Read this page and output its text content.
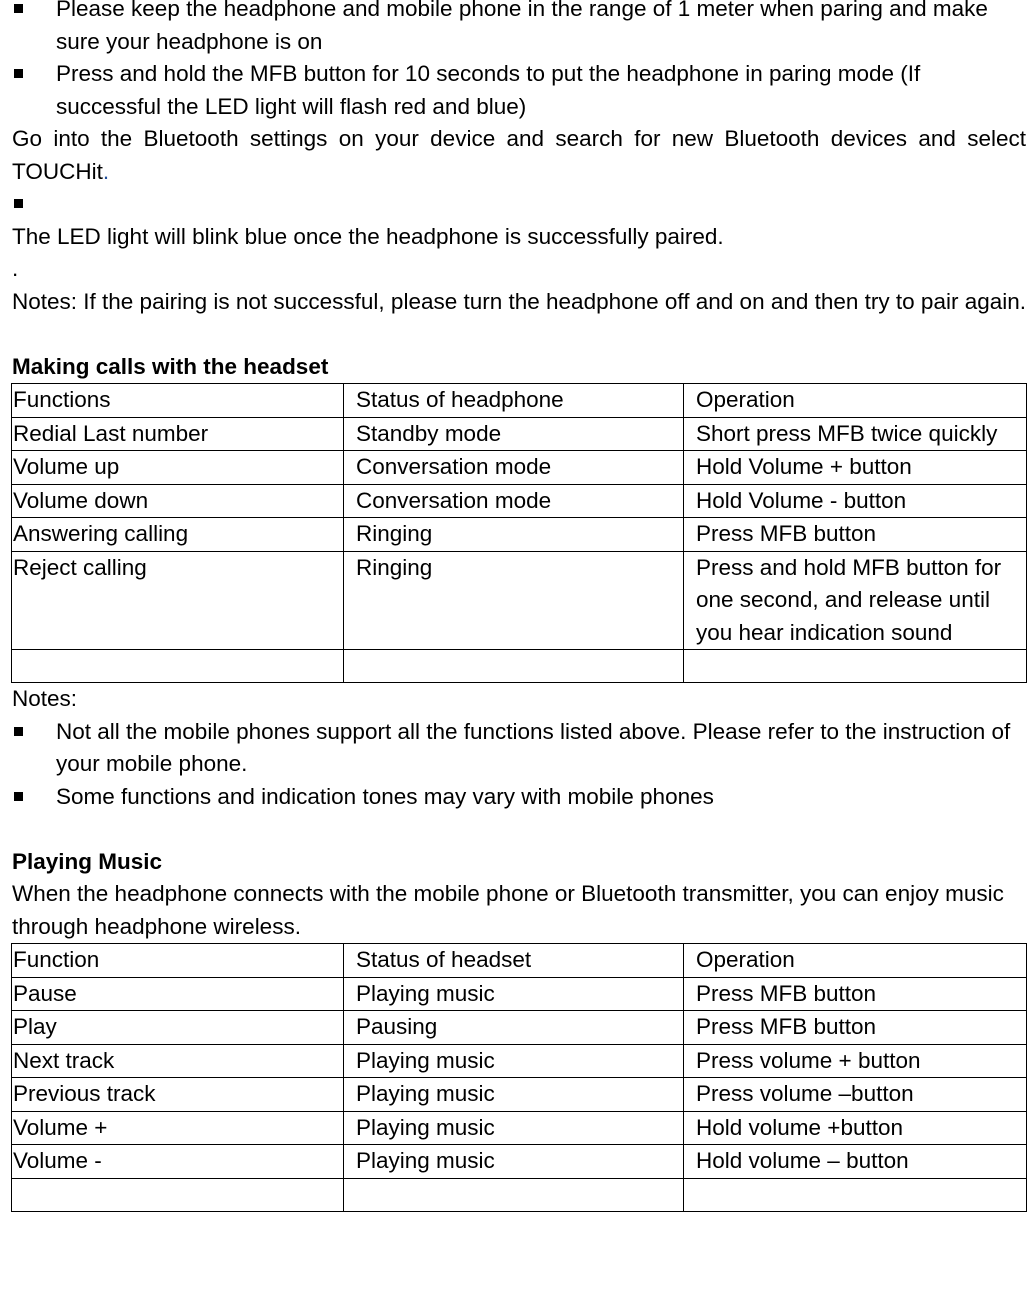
Please keep the headphone and mobile phone in the range of 1 meter when paring and make sure your headphone is on
Press and hold the MFB button for 10 seconds to put the headphone in paring mode (If successful the LED light will flash red and blue)

Go into the Bluetooth settings on your device and search for new Bluetooth devices and select TOUCHit.

The LED light will blink blue once the headphone is successfully paired.

.

Notes: If the pairing is not successful, please turn the headphone off and on and then try to pair again.

Making calls with the headset
Functions	Status of headphone	Operation
Redial Last number	Standby mode	Short press MFB twice quickly
Volume up	Conversation mode	Hold Volume + button
Volume down	Conversation mode	Hold Volume - button
Answering calling	Ringing	Press MFB button
Reject calling	Ringing	Press and hold MFB button for one second, and release until you hear indication sound

Notes:

Not all the mobile phones support all the functions listed above. Please refer to the instruction of your mobile phone.
Some functions and indication tones may vary with mobile phones
Playing Music

When the headphone connects with the mobile phone or Bluetooth transmitter, you can enjoy music through headphone wireless.

Function	Status of headset	Operation
Pause	Playing music	Press MFB button
Play	Pausing	Press MFB button
Next track	Playing music	Press volume + button
Previous track	Playing music	Press volume –button
Volume +	Playing music	Hold volume +button
Volume -	Playing music	Hold volume – button
